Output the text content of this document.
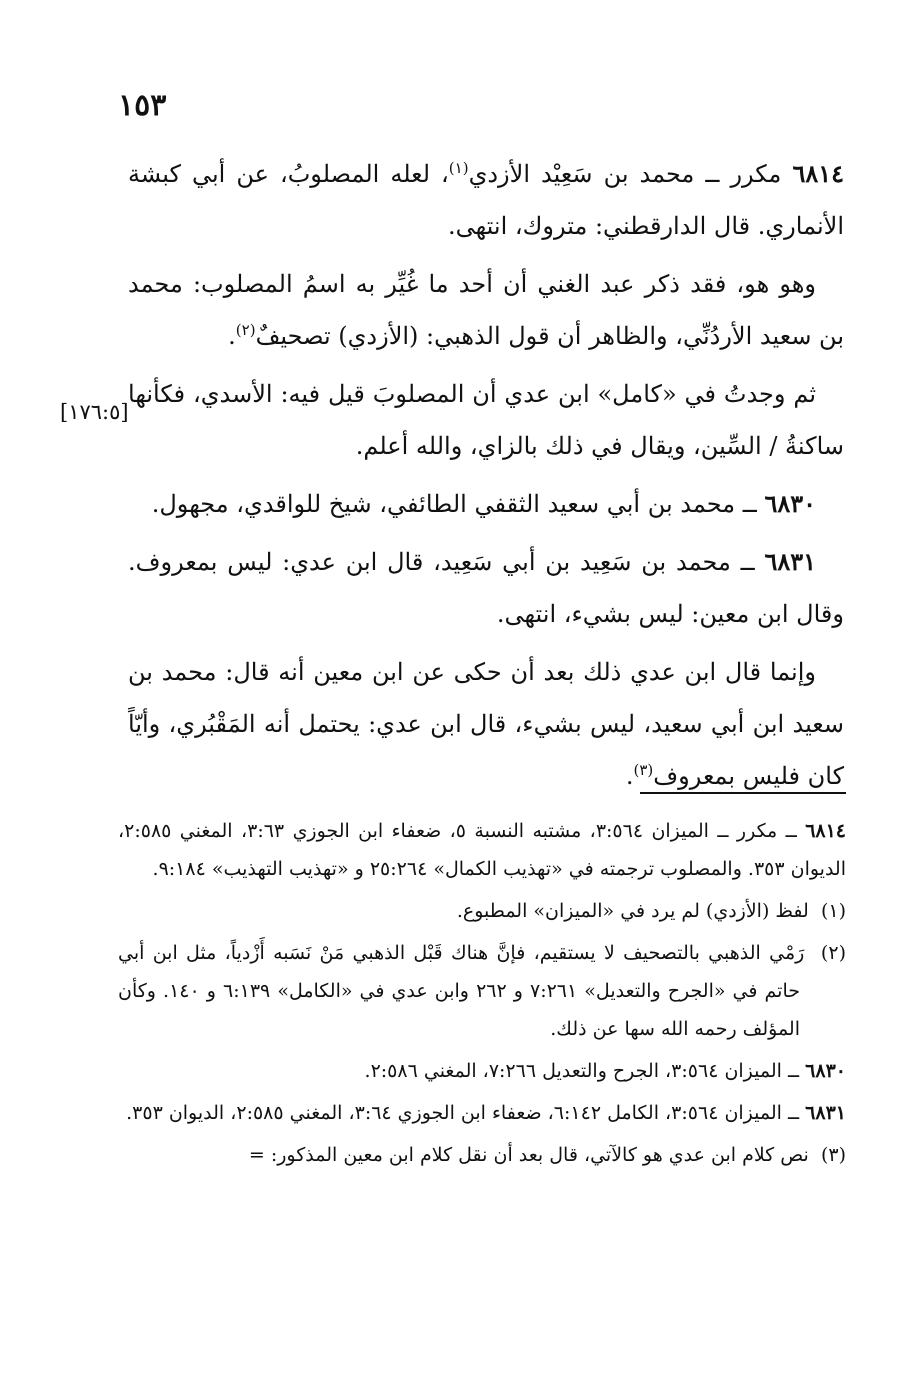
١٥٣

٦٨١٤ مكرر ــ محمد بن سَعِيْد الأزدي$^{(١)}$، لعله المصلوبُ، عن أبي كبشة الأنماري. قال الدارقطني: متروك، انتهى.

وهو هو، فقد ذكر عبد الغني أن أحد ما غُيِّر به اسمُ المصلوب: محمد بن سعيد الأردُنِّي، والظاهر أن قول الذهبي: (الأزدي) تصحيفٌ$^{(٢)}$.

ثم وجدتُ في «كامل» ابن عدي أن المصلوبَ قيل فيه: الأسدي، فكأنها ساكنةُ / السِّين، ويقال في ذلك بالزاي، والله أعلم.

٦٨٣٠ ــ محمد بن أبي سعيد الثقفي الطائفي، شيخ للواقدي، مجهول.

٦٨٣١ ــ محمد بن سَعِيد بن أبي سَعِيد، قال ابن عدي: ليس بمعروف. وقال ابن معين: ليس بشيء، انتهى.

وإنما قال ابن عدي ذلك بعد أن حكى عن ابن معين أنه قال: محمد بن سعيد ابن أبي سعيد، ليس بشيء، قال ابن عدي: يحتمل أنه المَقْبُري، وأيّاً كان فليس بمعروف$^{(٣)}$.

[١٧٦:٥]

٦٨١٤ ــ مكرر ــ الميزان ٣:٥٦٤، مشتبه النسبة ٥، ضعفاء ابن الجوزي ٣:٦٣، المغني ٢:٥٨٥، الديوان ٣٥٣. والمصلوب ترجمته في «تهذيب الكمال» ٢٥:٢٦٤ و «تهذيب التهذيب» ٩:١٨٤.

(١)  لفظ (الأزدي) لم يرد في «الميزان» المطبوع.

(٢)  رَمْي الذهبي بالتصحيف لا يستقيم، فإنَّ هناك قَبْل الذهبي مَنْ نَسَبه أَزْدياً، مثل ابن أبي حاتم في «الجرح والتعديل» ٧:٢٦١ و ٢٦٢ وابن عدي في «الكامل» ٦:١٣٩ و ١٤٠. وكأن المؤلف رحمه الله سها عن ذلك.

٦٨٣٠ ــ الميزان ٣:٥٦٤، الجرح والتعديل ٧:٢٦٦، المغني ٢:٥٨٦.

٦٨٣١ ــ الميزان ٣:٥٦٤، الكامل ٦:١٤٢، ضعفاء ابن الجوزي ٣:٦٤، المغني ٢:٥٨٥، الديوان ٣٥٣.

(٣)  نص كلام ابن عدي هو كالآتي، قال بعد أن نقل كلام ابن معين المذكور: =
